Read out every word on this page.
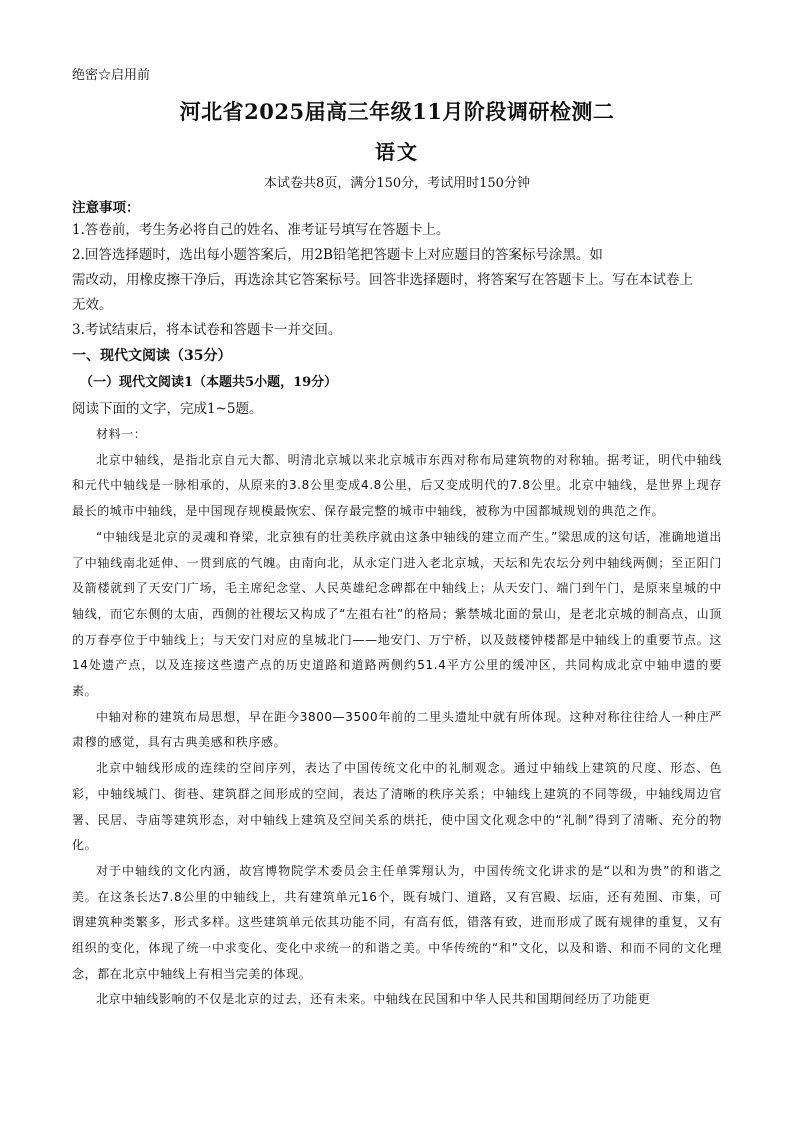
绝密☆启用前
河北省2025届高三年级11月阶段调研检测二
语文
本试卷共8页，满分150分，考试用时150分钟
注意事项：

1.答卷前，考生务必将自己的姓名、准考证号填写在答题卡上。

2.回答选择题时，选出每小题答案后，用2B铅笔把答题卡上对应题目的答案标号涂黑。如

需改动，用橡皮擦干净后，再选涂其它答案标号。回答非选择题时，将答案写在答题卡上。写在本试卷上

无效。

3.考试结束后，将本试卷和答题卡一并交回。

一、现代文阅读（35分）
（一）现代文阅读1（本题共5小题，19分）
阅读下面的文字，完成1~5题。

材料一：

北京中轴线，是指北京自元大都、明清北京城以来北京城市东西对称布局建筑物的对称轴。据考证，明代中轴线和元代中轴线是一脉相承的，从原来的3.8公里变成4.8公里，后又变成明代的7.8公里。北京中轴线，是世界上现存最长的城市中轴线，是中国现存规模最恢宏、保存最完整的城市中轴线，被称为中国都城规划的典范之作。

“中轴线是北京的灵魂和脊梁，北京独有的壮美秩序就由这条中轴线的建立而产生。”梁思成的这句话，准确地道出了中轴线南北延伸、一贯到底的气魄。由南向北，从永定门进入老北京城，天坛和先农坛分列中轴线两侧；至正阳门及箭楼就到了天安门广场，毛主席纪念堂、人民英雄纪念碑都在中轴线上；从天安门、端门到午门，是原来皇城的中轴线，而它东侧的太庙，西侧的社稷坛又构成了“左祖右社”的格局；紫禁城北面的景山，是老北京城的制高点，山顶的万春亭位于中轴线上；与天安门对应的皇城北门——地安门、万宁桥，以及鼓楼钟楼都是中轴线上的重要节点。这14处遗产点，以及连接这些遗产点的历史道路和道路两侧约51.4平方公里的缓冲区，共同构成北京中轴申遗的要素。

中轴对称的建筑布局思想，早在距今3800—3500年前的二里头遗址中就有所体现。这种对称往往给人一种庄严肃穆的感觉，具有古典美感和秩序感。

北京中轴线形成的连续的空间序列，表达了中国传统文化中的礼制观念。通过中轴线上建筑的尺度、形态、色彩，中轴线城门、街巷、建筑群之间形成的空间，表达了清晰的秩序关系；中轴线上建筑的不同等级，中轴线周边官署、民居、寺庙等建筑形态，对中轴线上建筑及空间关系的烘托，使中国文化观念中的“礼制”得到了清晰、充分的物化。

对于中轴线的文化内涵，故宫博物院学术委员会主任单霁翔认为，中国传统文化讲求的是“以和为贵”的和谐之美。在这条长达7.8公里的中轴线上，共有建筑单元16个，既有城门、道路，又有宫殿、坛庙，还有苑囿、市集，可谓建筑种类繁多，形式多样。这些建筑单元依其功能不同，有高有低，错落有致，进而形成了既有规律的重复，又有组织的变化，体现了统一中求变化、变化中求统一的和谐之美。中华传统的“和”文化，以及和谐、和而不同的文化理念，都在北京中轴线上有相当完美的体现。

北京中轴线影响的不仅是北京的过去，还有未来。中轴线在民国和中华人民共和国期间经历了功能更
